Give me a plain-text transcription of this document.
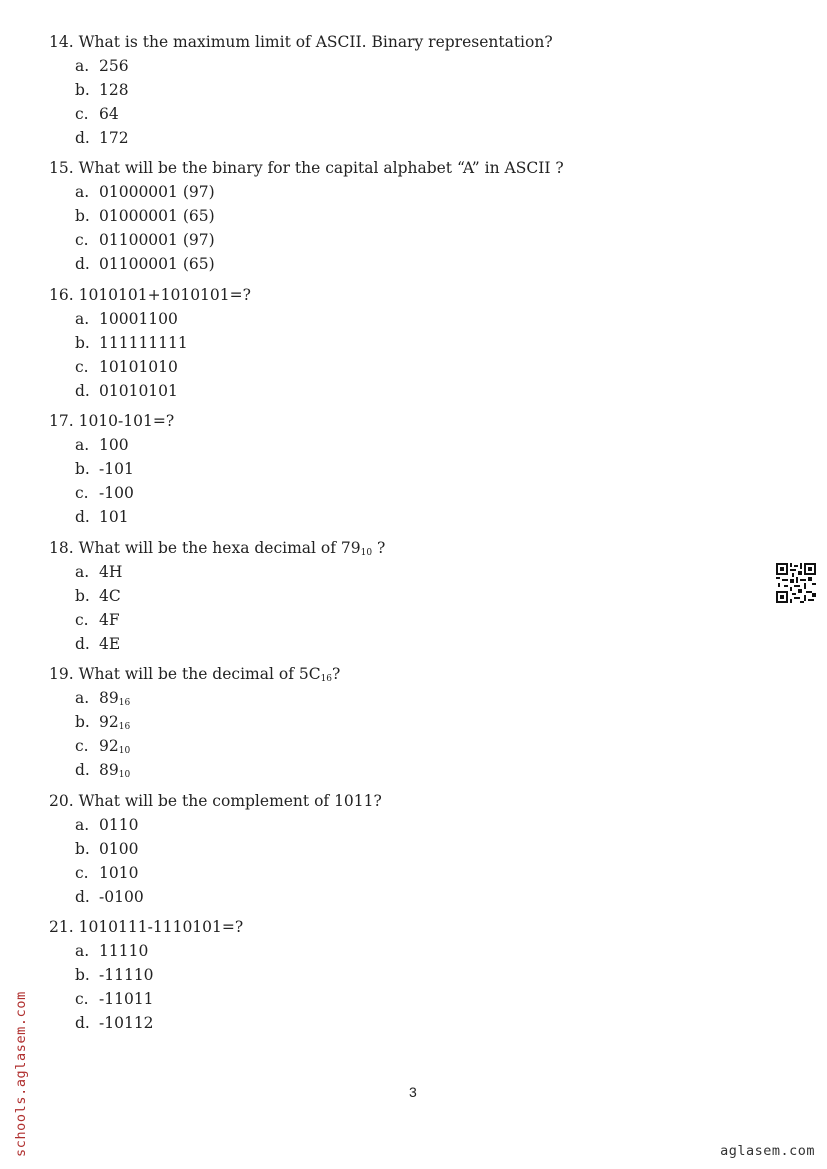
14. What is the maximum limit of ASCII. Binary representation?
a. 256
b. 128
c. 64
d. 172
15. What will be the binary for the capital alphabet “A” in ASCII ?
a. 01000001 (97)
b. 01000001 (65)
c. 01100001 (97)
d. 01100001 (65)
16. 1010101+1010101=?
a. 10001100
b. 111111111
c. 10101010
d. 01010101
17. 1010-101=?
a. 100
b. -101
c. -100
d. 101
18. What will be the hexa decimal of $79_{10}$ ?
a. 4H
b. 4C
c. 4F
d. 4E
19. What will be the decimal of $5C_{16}$?
a. $89_{16}$
b. $92_{16}$
c. $92_{10}$
d. $89_{10}$
20. What will be the complement of 1011?
a. 0110
b. 0100
c. 1010
d. -0100
21. 1010111-1110101=?
a. 11110
b. -11110
c. -11011
d. -10112
3
aglasem.com
schools.aglasem.com
